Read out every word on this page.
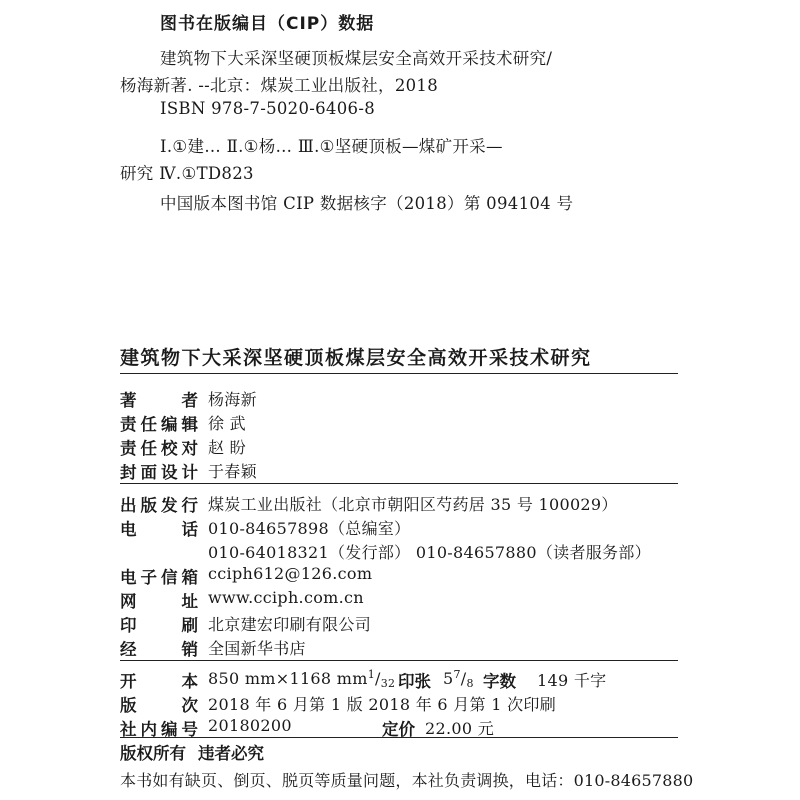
图书在版编目（CIP）数据
建筑物下大采深坚硬顶板煤层安全高效开采技术研究/
杨海新著. --北京：煤炭工业出版社，2018
ISBN 978-7-5020-6406-8
Ⅰ.①建… Ⅱ.①杨… Ⅲ.①坚硬顶板—煤矿开采—
研究 Ⅳ.①TD823
中国版本图书馆 CIP 数据核字（2018）第 094104 号
建筑物下大采深坚硬顶板煤层安全高效开采技术研究
著者 杨海新
责任编辑 徐 武
责任校对 赵 盼
封面设计 于春颖
出版发行 煤炭工业出版社（北京市朝阳区芍药居 35 号 100029）
电话 010-84657898（总编室）
010-64018321（发行部） 010-84657880（读者服务部）
电子信箱 cciph612@126.com
网址 www.cciph.com.cn
印刷 北京建宏印刷有限公司
经销 全国新华书店
开本 850 mm×1168 $mm^1/_{32}$ 印张 $5^7/_8$ 字数 149 千字
版次 2018 年 6 月第 1 版 2018 年 6 月第 1 次印刷
社内编号 20180200	定价 22.00 元
版权所有 违者必究
本书如有缺页、倒页、脱页等质量问题，本社负责调换，电话：010-84657880
